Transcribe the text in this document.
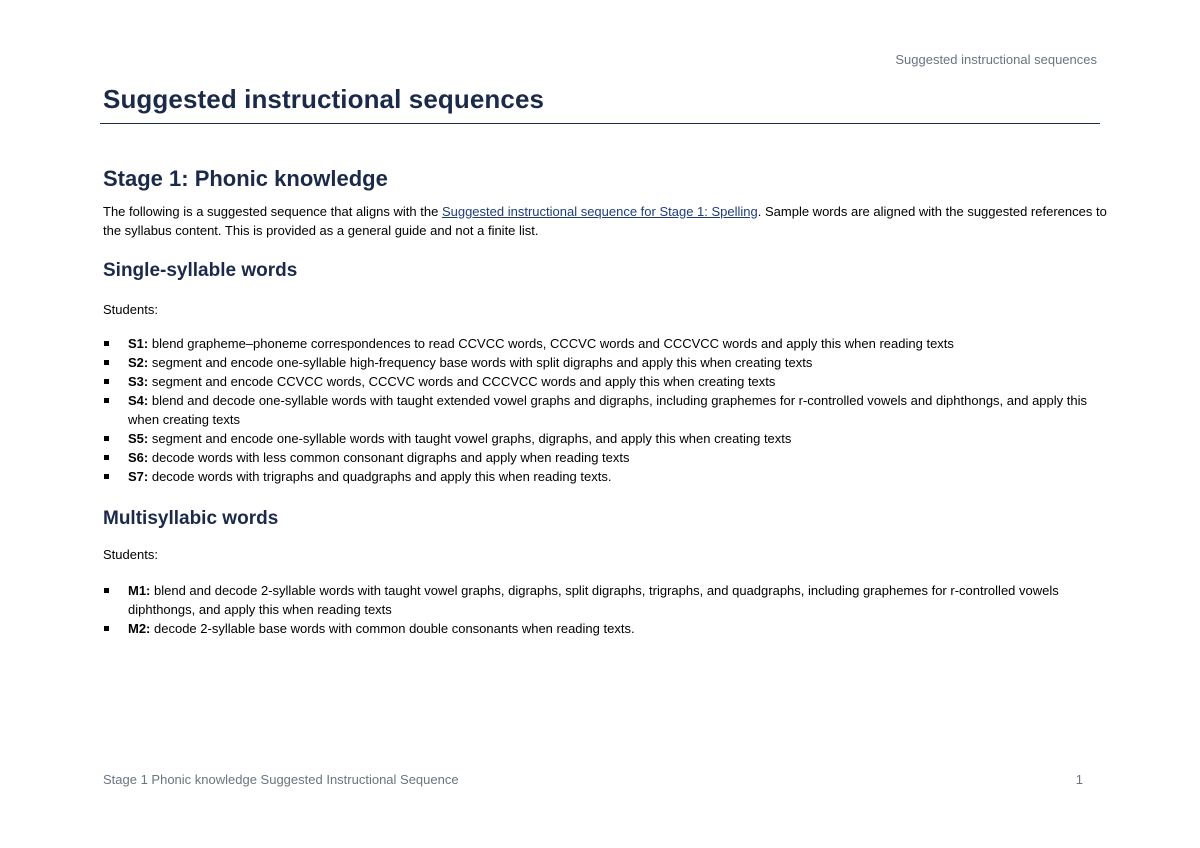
Suggested instructional sequences
Suggested instructional sequences
Stage 1: Phonic knowledge

The following is a suggested sequence that aligns with the Suggested instructional sequence for Stage 1: Spelling. Sample words are aligned with the suggested references to the syllabus content. This is provided as a general guide and not a finite list.

Single-syllable words

Students:

S1: blend grapheme–phoneme correspondences to read CCVCC words, CCCVC words and CCCVCC words and apply this when reading texts
S2: segment and encode one-syllable high-frequency base words with split digraphs and apply this when creating texts
S3: segment and encode CCVCC words, CCCVC words and CCCVCC words and apply this when creating texts
S4: blend and decode one-syllable words with taught extended vowel graphs and digraphs, including graphemes for r-controlled vowels and diphthongs, and apply this when creating texts
S5: segment and encode one-syllable words with taught vowel graphs, digraphs, and apply this when creating texts
S6: decode words with less common consonant digraphs and apply when reading texts
S7: decode words with trigraphs and quadgraphs and apply this when reading texts.
Multisyllabic words

Students:

M1: blend and decode 2-syllable words with taught vowel graphs, digraphs, split digraphs, trigraphs, and quadgraphs, including graphemes for r-controlled vowels diphthongs, and apply this when reading texts
M2: decode 2-syllable base words with common double consonants when reading texts.
Stage 1 Phonic knowledge Suggested Instructional Sequence	1
